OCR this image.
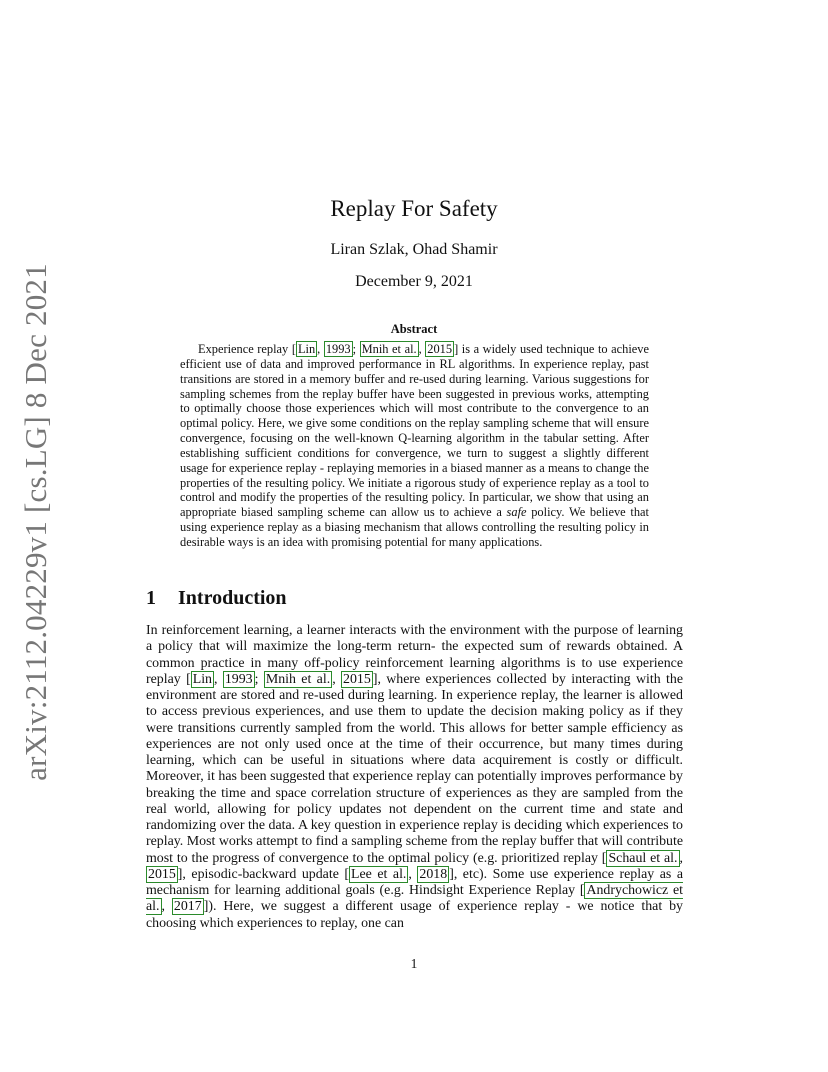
arXiv:2112.04229v1 [cs.LG] 8 Dec 2021
Replay For Safety
Liran Szlak, Ohad Shamir
December 9, 2021
Abstract

Experience replay [ Lin , 1993 ; Mnih et al. , 2015 ] is a widely used technique to achieve efficient use of data and improved performance in RL algorithms. In experience replay, past transitions are stored in a memory buffer and re-used during learning. Various suggestions for sampling schemes from the replay buffer have been suggested in previous works, attempting to optimally choose those experiences which will most contribute to the convergence to an optimal policy. Here, we give some conditions on the replay sampling scheme that will ensure convergence, focusing on the well-known Q-learning algorithm in the tabular setting. After establishing sufficient conditions for convergence, we turn to suggest a slightly different usage for experience replay - replaying memories in a biased manner as a means to change the properties of the resulting policy. We initiate a rigorous study of experience replay as a tool to control and modify the properties of the resulting policy. In particular, we show that using an appropriate biased sampling scheme can allow us to achieve a safe policy. We believe that using experience replay as a biasing mechanism that allows controlling the resulting policy in desirable ways is an idea with promising potential for many applications.

1 Introduction

In reinforcement learning, a learner interacts with the environment with the purpose of learning a policy that will maximize the long-term return- the expected sum of rewards obtained. A common practice in many off-policy reinforcement learning algorithms is to use experience replay [ Lin , 1993 ; Mnih et al. , 2015 ], where experiences collected by interacting with the environment are stored and re-used during learning. In experience replay, the learner is allowed to access previous experiences, and use them to update the decision making policy as if they were transitions currently sampled from the world. This allows for better sample efficiency as experiences are not only used once at the time of their occurrence, but many times during learning, which can be useful in situations where data acquirement is costly or difficult. Moreover, it has been suggested that experience replay can potentially improves performance by breaking the time and space correlation structure of experiences as they are sampled from the real world, allowing for policy updates not dependent on the current time and state and randomizing over the data. A key question in experience replay is deciding which experiences to replay. Most works attempt to find a sampling scheme from the replay buffer that will contribute most to the progress of convergence to the optimal policy (e.g. prioritized replay [ Schaul et al. , 2015 ], episodic-backward update [ Lee et al. , 2018 ], etc). Some use experience replay as a mechanism for learning additional goals (e.g. Hindsight Experience Replay [ Andrychowicz et al. , 2017 ]). Here, we suggest a different usage of experience replay - we notice that by choosing which experiences to replay, one can

1
